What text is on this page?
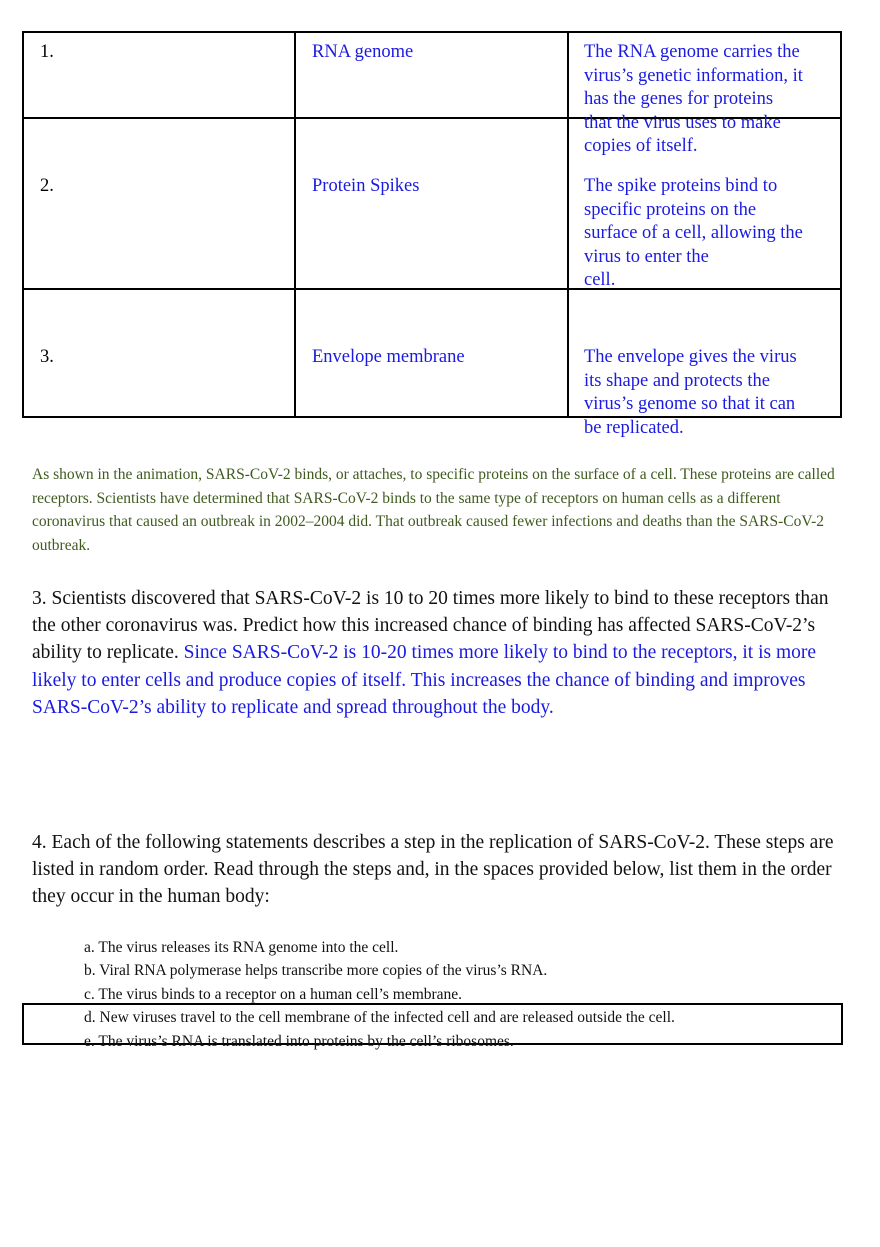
1.	RNA genome	The RNA genome carries the
virus’s genetic information, it
has the genes for proteins
that the virus uses to make
copies of itself.
2.	Protein Spikes	The spike proteins bind to
specific proteins on the
surface of a cell, allowing the
virus to enter the
cell.
3.	Envelope membrane	The envelope gives the virus
its shape and protects the
virus’s genome so that it can
be replicated.

As shown in the animation, SARS-CoV-2 binds, or attaches, to specific proteins on the surface of a cell. These proteins are called receptors. Scientists have determined that SARS-CoV-2 binds to the same type of receptors on human cells as a different coronavirus that caused an outbreak in 2002–2004 did. That outbreak caused fewer infections and deaths than the SARS-CoV-2 outbreak.

3. Scientists discovered that SARS-CoV-2 is 10 to 20 times more likely to bind to these receptors than the other coronavirus was. Predict how this increased chance of binding has affected SARS-CoV-2’s ability to replicate. Since SARS-CoV-2 is 10-20 times more likely to bind to the receptors, it is more likely to enter cells and produce copies of itself. This increases the chance of binding and improves SARS-CoV-2’s ability to replicate and spread throughout the body.

4. Each of the following statements describes a step in the replication of SARS-CoV-2. These steps are listed in random order. Read through the steps and, in the spaces provided below, list them in the order they occur in the human body:

a. The virus releases its RNA genome into the cell.
b. Viral RNA polymerase helps transcribe more copies of the virus’s RNA.
c. The virus binds to a receptor on a human cell’s membrane.
d. New viruses travel to the cell membrane of the infected cell and are released outside the cell.
e. The virus’s RNA is translated into proteins by the cell’s ribosomes.
